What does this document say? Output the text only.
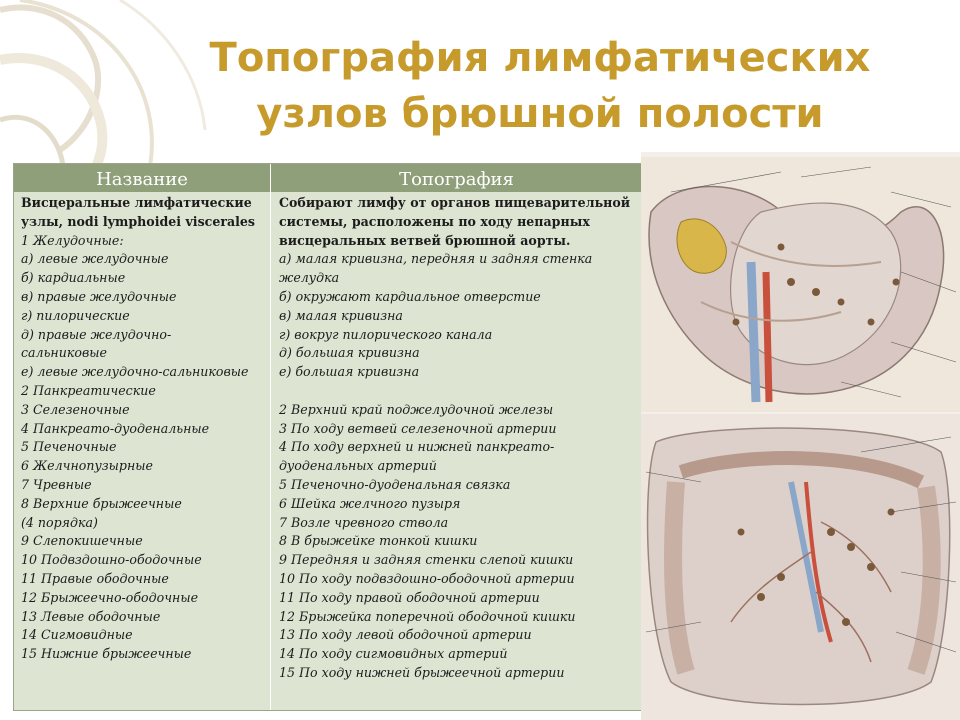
Топография лимфатических
узлов брюшной полости
Название	Топография
Висцеральные лимфатические узлы, nodi lymphoidei viscerales
1 Желудочные:
а) левые желудочные
б) кардиальные
в) правые желудочные
г) пилорические
д) правые желудочно-
сальниковые
е) левые желудочно-сальниковые
2 Панкреатические
3 Селезеночные
4 Панкреато-дуоденальные
5 Печеночные
6 Желчнопузырные
7 Чревные
8 Верхние брыжеечные
(4 порядка)
9 Слепокишечные
10 Подвздошно-ободочные
11 Правые ободочные
12 Брыжеечно-ободочные
13 Левые ободочные
14 Сигмовидные
15 Нижние брыжеечные
Собирают лимфу от органов пищеварительной системы, расположены по ходу непарных висцеральных ветвей брюшной аорты.
а) малая кривизна, передняя и задняя стенка
желудка
б) окружают кардиальное отверстие
в) малая кривизна
г) вокруг пилорического канала
д) большая кривизна
е) большая кривизна
2 Верхний край поджелудочной железы
3 По ходу ветвей селезеночной артерии
4 По ходу верхней и нижней панкреато-
дуоденальных артерий
5 Печеночно-дуоденальная связка
6 Шейка желчного пузыря
7 Возле чревного ствола
8 В брыжейке тонкой кишки
9 Передняя и задняя стенки слепой кишки
10 По ходу подвздошно-ободочной артерии
11 По ходу правой ободочной артерии
12 Брыжейка поперечной ободочной кишки
13 По ходу левой ободочной артерии
14 По ходу сигмовидных артерий
15 По ходу нижней брыжеечной артерии
